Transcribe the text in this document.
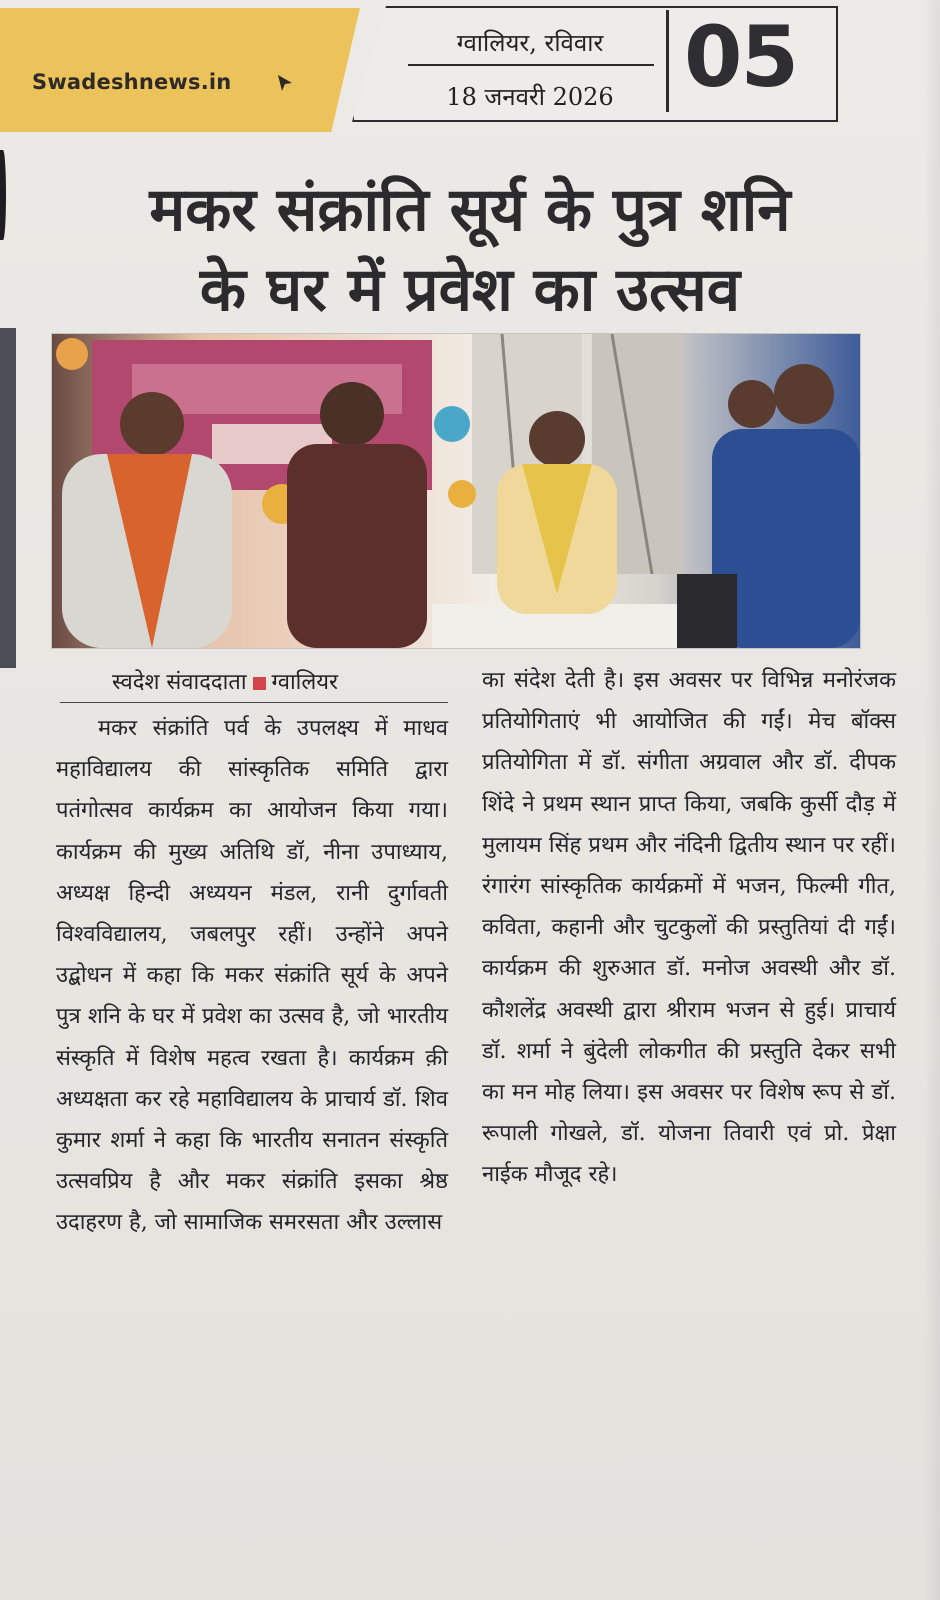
Swadeshnews.in
ग्वालियर, रविवार
18 जनवरी 2026 05
मकर संक्रांति सूर्य के पुत्र शनि
के घर में प्रवेश का उत्सव
स्वदेश संवाददाता ग्वालियर
मकर संक्रांति पर्व के उपलक्ष्य में माधव महाविद्यालय की सांस्कृतिक समिति द्वारा पतंगोत्सव कार्यक्रम का आयोजन किया गया। कार्यक्रम की मुख्य अतिथि डॉ, नीना उपाध्याय, अध्यक्ष हिन्दी अध्ययन मंडल, रानी दुर्गावती विश्वविद्यालय, जबलपुर रहीं। उन्होंने अपने उद्बोधन में कहा कि मकर संक्रांति सूर्य के अपने पुत्र शनि के घर में प्रवेश का उत्सव है, जो भारतीय संस्कृति में विशेष महत्व रखता है। कार्यक्रम क़ी अध्यक्षता कर रहे महाविद्यालय के प्राचार्य डॉ. शिव कुमार शर्मा ने कहा कि भारतीय सनातन संस्कृति उत्सवप्रिय है और मकर संक्रांति इसका श्रेष्ठ उदाहरण है, जो सामाजिक समरसता और उल्लास
का संदेश देती है। इस अवसर पर विभिन्न मनोरंजक प्रतियोगिताएं भी आयोजित की गईं। मेच बॉक्स प्रतियोगिता में डॉ. संगीता अग्रवाल और डॉ. दीपक शिंदे ने प्रथम स्थान प्राप्त किया, जबकि कुर्सी दौड़ में मुलायम सिंह प्रथम और नंदिनी द्वितीय स्थान पर रहीं। रंगारंग सांस्कृतिक कार्यक्रमों में भजन, फिल्मी गीत, कविता, कहानी और चुटकुलों की प्रस्तुतियां दी गईं। कार्यक्रम की शुरुआत डॉ. मनोज अवस्थी और डॉ. कौशलेंद्र अवस्थी द्वारा श्रीराम भजन से हुई। प्राचार्य डॉ. शर्मा ने बुंदेली लोकगीत की प्रस्तुति देकर सभी का मन मोह लिया। इस अवसर पर विशेष रूप से डॉ. रूपाली गोखले, डॉ. योजना तिवारी एवं प्रो. प्रेक्षा नाईक मौजूद रहे।
